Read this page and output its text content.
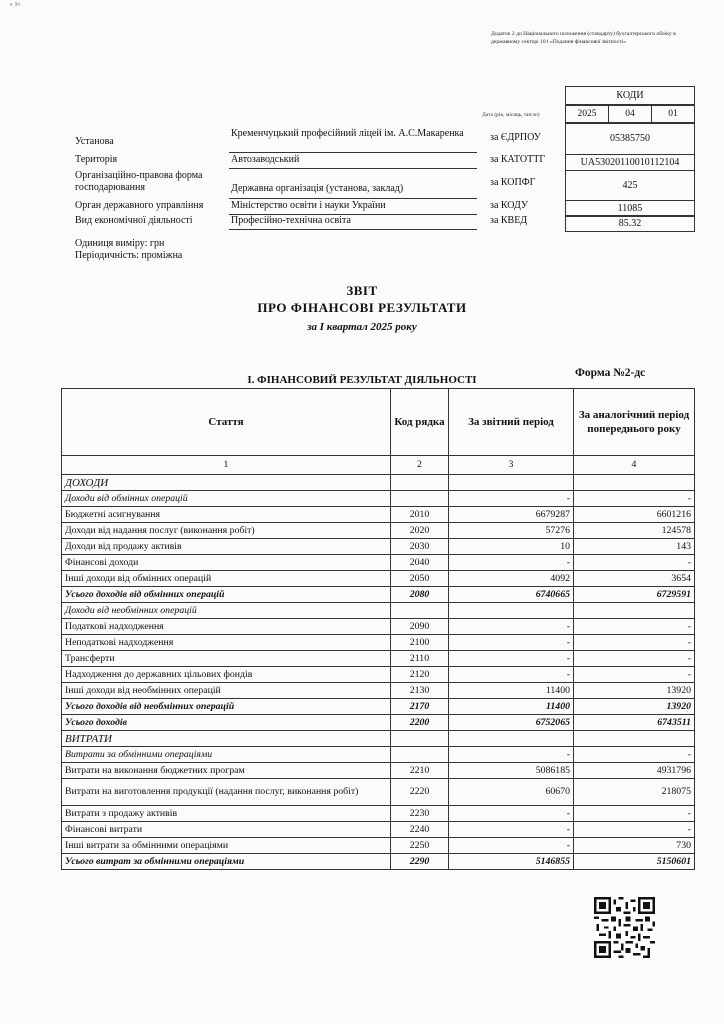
ᵃ ¹ᵒ
Додаток 2 до Національного положення (стандарту) бухгалтерського обліку в державному секторі 101 «Подання фінансової звітності»
КОДИ
Дата (рік, місяць, число)	2025	04	01
Установа
Кременчуцький професійний ліцей ім. А.С.Макаренка	за ЄДРПОУ	05385750
Територія	Автозаводський	за КАТОТТГ	UA53020110010112104
Організаційно-правова форма господарювання	Державна організація (установа, заклад)
за КОПФГ	425
Орган державного управління	Міністерство освіти і науки України	за КОДУ	11085
Вид економічної діяльності	Професійно-технічна освіта	за КВЕД	85.32
Одиниця виміру: грн
Періодичність: проміжна
ЗВІТ
ПРО ФІНАНСОВІ РЕЗУЛЬТАТИ
за I квартал 2025 року
Форма №2-дс
І. ФІНАНСОВИЙ РЕЗУЛЬТАТ ДІЯЛЬНОСТІ
Стаття	Код рядка	За звітний період	За аналогічний період попереднього року
1	2	3	4
ДОХОДИ			
Доходи від обмінних операцій		-	-
Бюджетні асигнування	2010	6679287	6601216
Доходи від надання послуг (виконання робіт)	2020	57276	124578
Доходи від продажу активів	2030	10	143
Фінансові доходи	2040	-	-
Інші доходи від обмінних операцій	2050	4092	3654
Усього доходів від обмінних операцій	2080	6740665	6729591
Доходи від необмінних операцій			
Податкові надходження	2090	-	-
Неподаткові надходження	2100	-	-
Трансферти	2110	-	-
Надходження до державних цільових фондів	2120	-	-
Інші доходи від необмінних операцій	2130	11400	13920
Усього доходів від необмінних операцій	2170	11400	13920
Усього доходів	2200	6752065	6743511
ВИТРАТИ			
Витрати за обмінними операціями		-	-
Витрати на виконання бюджетних програм	2210	5086185	4931796
Витрати на виготовлення продукції (надання послуг, виконання робіт)	2220	60670	218075
Витрати з продажу активів	2230	-	-
Фінансові витрати	2240	-	-
Інші витрати за обмінними операціями	2250	-	730
Усього витрат за обмінними операціями	2290	5146855	5150601
